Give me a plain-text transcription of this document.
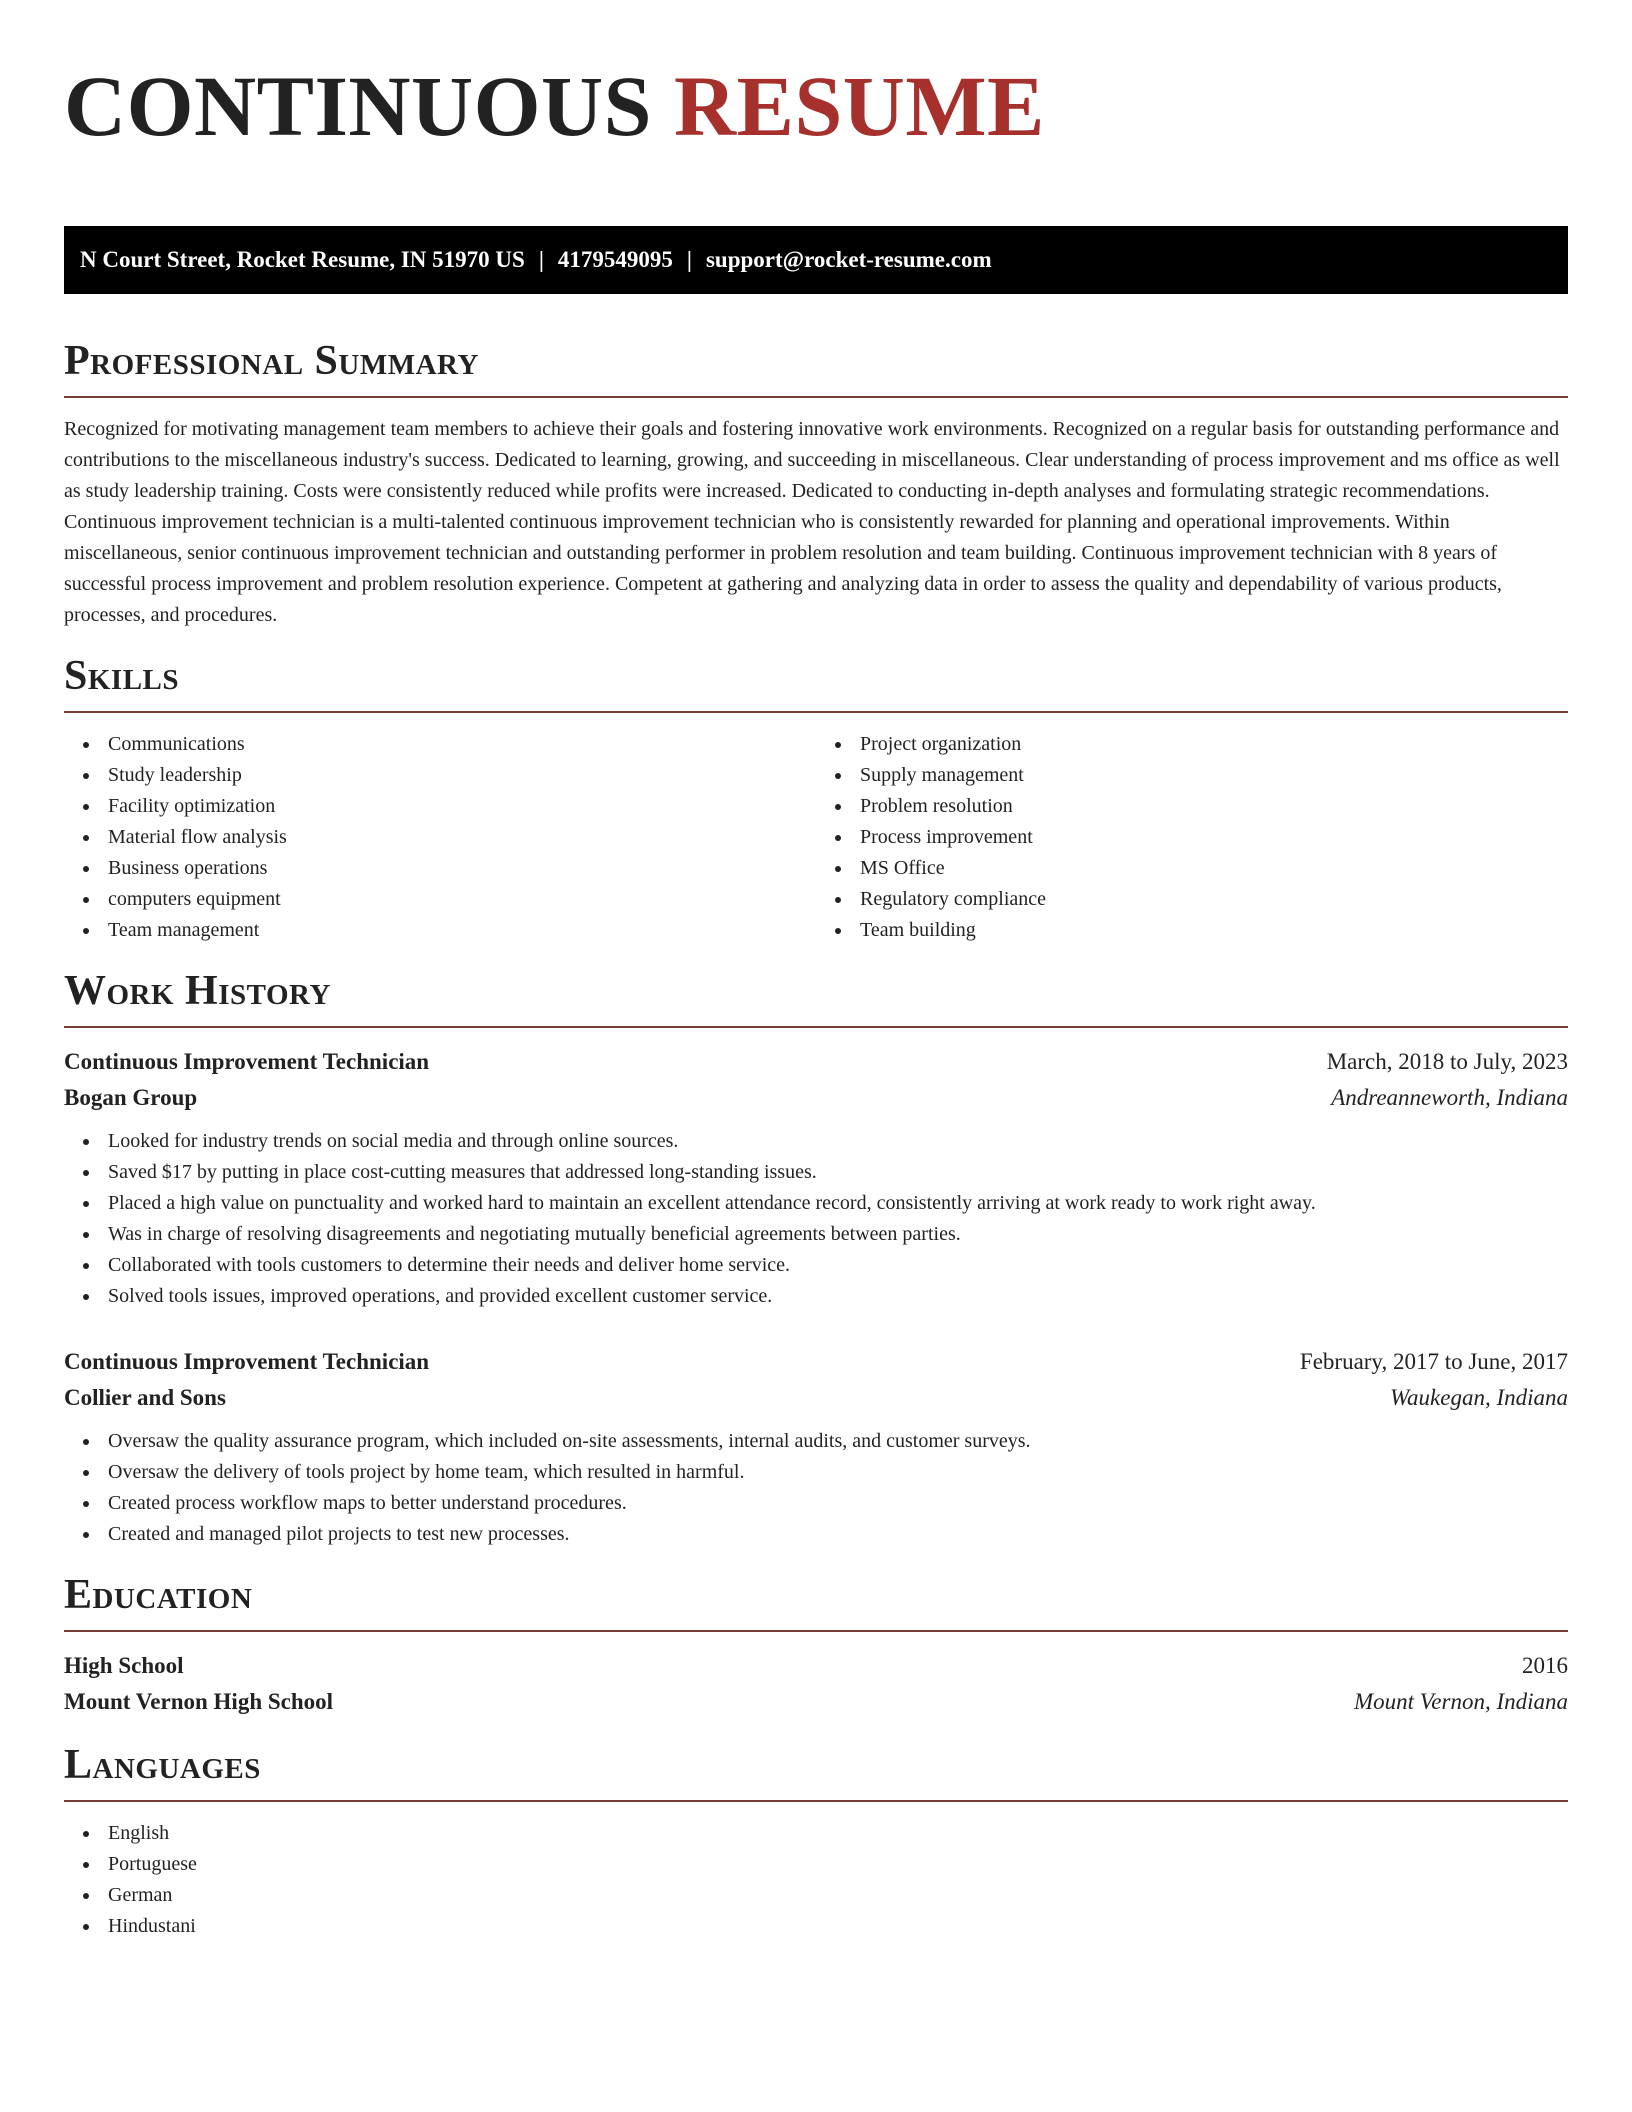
CONTINUOUS RESUME
N Court Street, Rocket Resume, IN 51970 US | 4179549095 | support@rocket-resume.com
Professional Summary

Recognized for motivating management team members to achieve their goals and fostering innovative work environments. Recognized on a regular basis for outstanding performance and contributions to the miscellaneous industry's success. Dedicated to learning, growing, and succeeding in miscellaneous. Clear understanding of process improvement and ms office as well as study leadership training. Costs were consistently reduced while profits were increased. Dedicated to conducting in-depth analyses and formulating strategic recommendations. Continuous improvement technician is a multi-talented continuous improvement technician who is consistently rewarded for planning and operational improvements. Within miscellaneous, senior continuous improvement technician and outstanding performer in problem resolution and team building. Continuous improvement technician with 8 years of successful process improvement and problem resolution experience. Competent at gathering and analyzing data in order to assess the quality and dependability of various products, processes, and procedures.

Skills
Communications
Study leadership
Facility optimization
Material flow analysis
Business operations
computers equipment
Team management
Project organization
Supply management
Problem resolution
Process improvement
MS Office
Regulatory compliance
Team building
Work History
Continuous Improvement Technician	March, 2018 to July, 2023
Bogan Group	Andreanneworth, Indiana
Looked for industry trends on social media and through online sources.
Saved $17 by putting in place cost-cutting measures that addressed long-standing issues.
Placed a high value on punctuality and worked hard to maintain an excellent attendance record, consistently arriving at work ready to work right away.
Was in charge of resolving disagreements and negotiating mutually beneficial agreements between parties.
Collaborated with tools customers to determine their needs and deliver home service.
Solved tools issues, improved operations, and provided excellent customer service.
Continuous Improvement Technician	February, 2017 to June, 2017
Collier and Sons	Waukegan, Indiana
Oversaw the quality assurance program, which included on-site assessments, internal audits, and customer surveys.
Oversaw the delivery of tools project by home team, which resulted in harmful.
Created process workflow maps to better understand procedures.
Created and managed pilot projects to test new processes.
Education
High School	2016
Mount Vernon High School	Mount Vernon, Indiana
Languages
English
Portuguese
German
Hindustani
